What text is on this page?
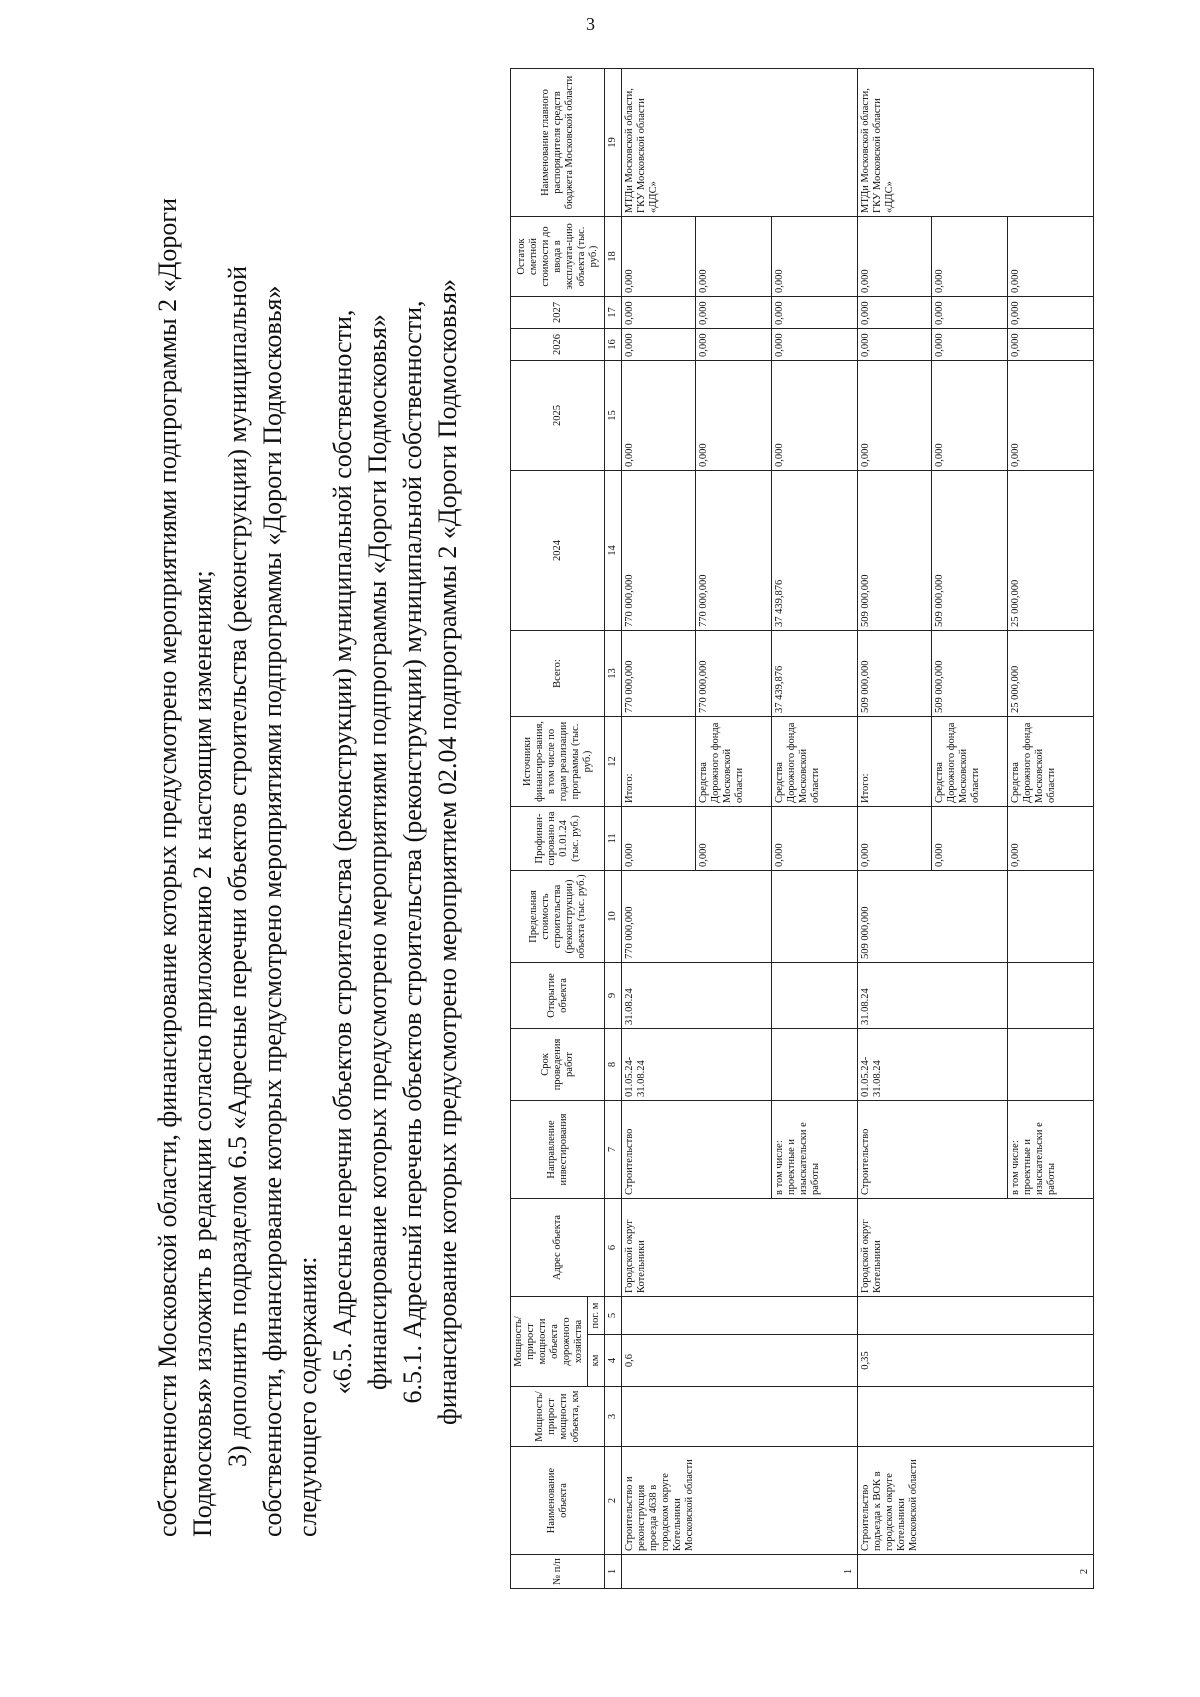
3
собственности Московской области, финансирование которых предусмотрено мероприятиями подпрограммы 2 «Дороги Подмосковья» изложить в редакции согласно приложению 2 к настоящим изменениям; 3) дополнить подразделом 6.5 «Адресные перечни объектов строительства (реконструкции) муниципальной собственности, финансирование которых предусмотрено мероприятиями подпрограммы «Дороги Подмосковья» следующего содержания:
«6.5. Адресные перечни объектов строительства (реконструкции) муниципальной собственности, финансирование которых предусмотрено мероприятиями подпрограммы «Дороги Подмосковья» 6.5.1. Адресный перечень объектов строительства (реконструкции) муниципальной собственности, финансирование которых предусмотрено мероприятием 02.04 подпрограммы 2 «Дороги Подмосковья»
№ п/п	Наименование объекта	Мощность/ прирост мощности объекта, км	Мощность/прирост мощности объекта дорожного хозяйства		Адрес объекта	Направление инвестирования	Срок проведения работ	Открытие объекта	Предельная стоимость строительства (реконструкции) объекта (тыс. руб.)	Профинан-сировано на 01.01.24 (тыс. руб.)	Источники финансиро-вания, в том числе по годам реализации программы (тыс. руб.)	Всего:	2024	2025	2026	2027	Остаток сметной стоимости до ввода в эксплуата-цию объекта (тыс. руб.)	Наименование главного распорядителя средств бюджета Московской области
			км	пог. м														
1	2	3	4	5	6	7	8	9	10	11	12	13	14	15	16	17	18	19
1	Строительство и реконструкция проезда 4638 в городском округе Котельники Московской области		0,6		Городской округ Котельники	Строительство	01.05.24-31.08.24	31.08.24	770 000,000	0,000	Итого:	770 000,000	770 000,000	0,000	0,000	0,000	0,000	МТДи Московской области, ГКУ Московской области «ДДС»
										0,000	Средства Дорожного фонда Московской области	770 000,000	770 000,000	0,000	0,000	0,000	0,000	
						в том числе: проектные и изыскательски е работы				0,000	Средства Дорожного фонда Московской области	37 439,876	37 439,876	0,000	0,000	0,000	0,000	
2	Строительство подъезда к ВОК в городском округе Котельники Московской области		0,35		Городской округ Котельники	Строительство	01.05.24-31.08.24	31.08.24	509 000,000	0,000	Итого:	509 000,000	509 000,000	0,000	0,000	0,000	0,000	МТДи Московской области, ГКУ Московской области «ДДС»
										0,000	Средства Дорожного фонда Московской области	509 000,000	509 000,000	0,000	0,000	0,000	0,000	
						в том числе: проектные и изыскательски е работы				0,000	Средства Дорожного фонда Московской области	25 000,000	25 000,000	0,000	0,000	0,000	0,000	
